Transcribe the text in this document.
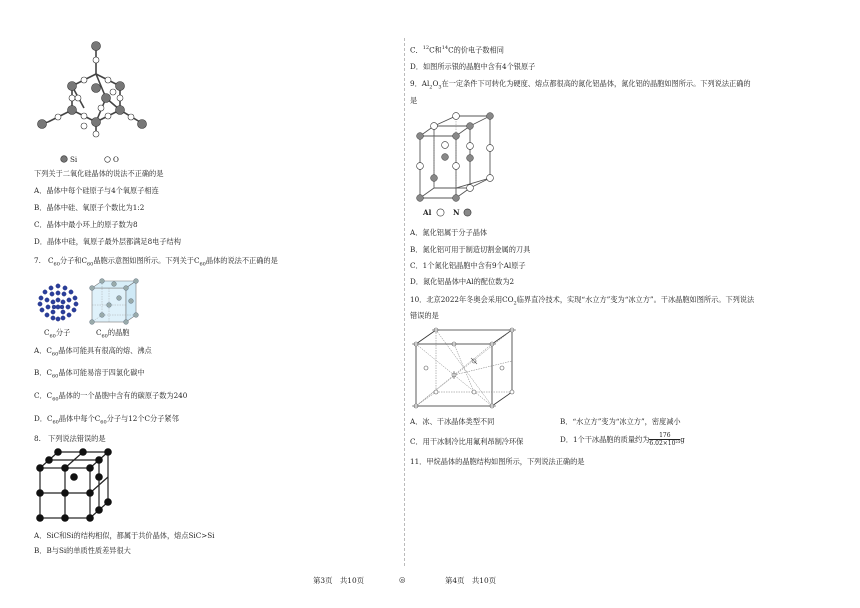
Si	O
下列关于二氧化硅晶体的说法不正确的是
A．晶体中每个硅原子与4个氧原子相连
B．晶体中硅、氧原子个数比为1:2
C．晶体中最小环上的原子数为8
D．晶体中硅，氧原子最外层都满足8电子结构
7.　$C_{60}$分子和$C_{60}$晶胞示意图如图所示。下列关于$C_{60}$晶体的说法不正确的是
$C_{60}$分子	$C_{60}$的晶胞
A．$C_{60}$晶体可能具有很高的熔、沸点
B．$C_{60}$晶体可能易溶于四氯化碳中
C．$C_{60}$晶体的一个晶胞中含有的碳原子数为240
D．$C_{60}$晶体中每个$C_{60}$分子与12个C分子紧邻
8.　下列说法错误的是
A．SiC和Si的结构相似，都属于共价晶体，熔点SiC>Si
B．B与Si的单质性质差异很大
C．$^{12}$C和$^{14}$C的价电子数相同
D．如图所示银的晶胞中含有4个银原子
9．$Al_2O_3$在一定条件下可转化为硬度、熔点都很高的氮化铝晶体，氮化铝的晶胞如图所示。下列说法正确的
是
Al	N
A．氮化铝属于分子晶体
B．氮化铝可用于制造切割金属的刀具
C．1个氮化铝晶胞中含有9个Al原子
D．氮化铝晶体中Al的配位数为2
10．北京2022年冬奥会采用$CO_2$临界直冷技术，实现“水立方”变为“冰立方”。干冰晶胞如图所示。下列说法
错误的是
A．冰、干冰晶体类型不同	B．“水立方”变为“冰立方”，密度减小
C．用干冰制冷比用氟利昂制冷环保	D．1个干冰晶胞的质量约为 $\frac{176}{\text{6.02×10²³}}$ g
11．甲烷晶体的晶胞结构如图所示，下列说法正确的是
第3页　共10页	◎	第4页　共10页
